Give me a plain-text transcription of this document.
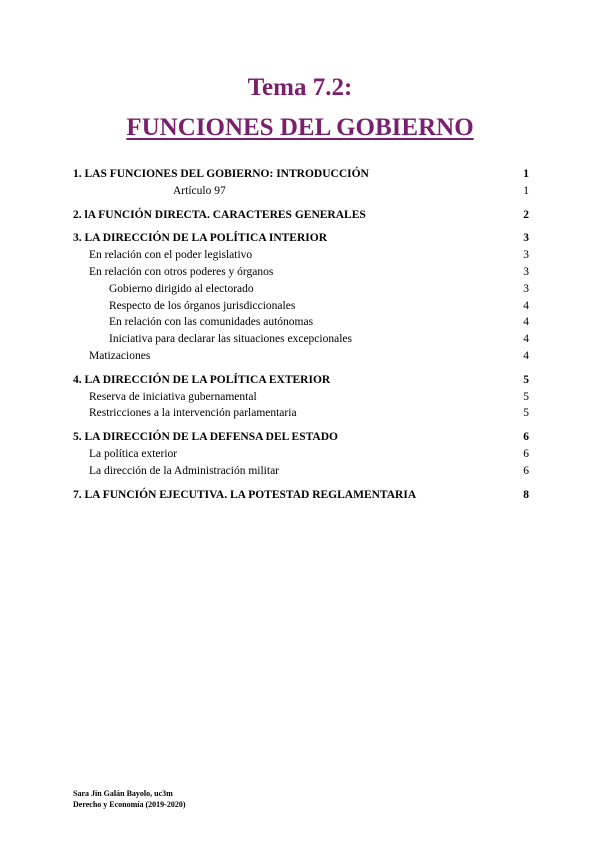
Tema 7.2:
FUNCIONES DEL GOBIERNO
1. LAS FUNCIONES DEL GOBIERNO: INTRODUCCIÓN	1
Artículo 97	1
2. lA FUNCIÓN DIRECTA. CARACTERES GENERALES	2
3. LA DIRECCIÓN DE LA POLÍTICA INTERIOR	3
En relación con el poder legislativo	3
En relación con otros poderes y órganos	3
Gobierno dirigido al electorado	3
Respecto de los órganos jurisdiccionales	4
En relación con las comunidades autónomas	4
Iniciativa para declarar las situaciones excepcionales	4
Matizaciones	4
4. LA DIRECCIÓN DE LA POLÍTICA EXTERIOR	5
Reserva de iniciativa gubernamental	5
Restricciones a la intervención parlamentaria	5
5. LA DIRECCIÓN DE LA DEFENSA DEL ESTADO	6
La política exterior	6
La dirección de la Administración militar	6
7. LA FUNCIÓN EJECUTIVA. LA POTESTAD REGLAMENTARIA	8
Sara Jin Galán Bayolo, uc3m
Derecho y Economía (2019-2020)
